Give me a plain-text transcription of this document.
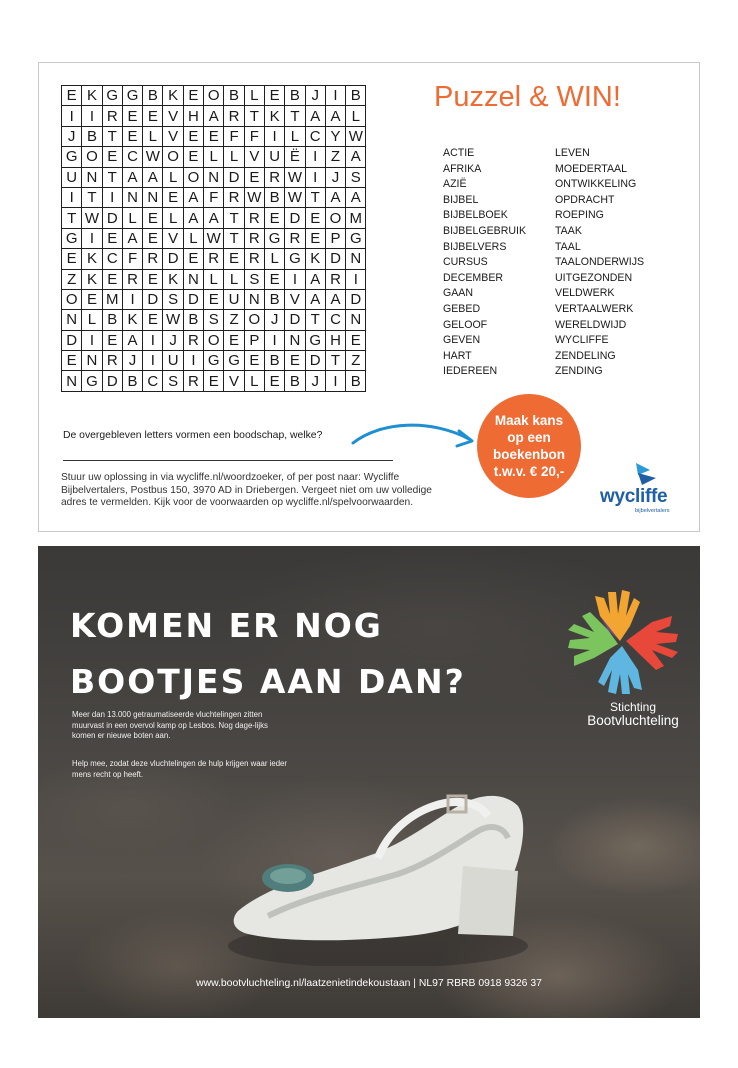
E	K	G	G	B	K	E	O	B	L	E	B	J	I	B
I	I	R	E	E	V	H	A	R	T	K	T	A	A	L
J	B	T	E	L	V	E	E	F	F	I	L	C	Y	W
G	O	E	C	W	O	E	L	L	V	U	Ë	I	Z	A
U	N	T	A	A	L	O	N	D	E	R	W	I	J	S
I	T	I	N	N	E	A	F	R	W	B	W	T	A	A
T	W	D	L	E	L	A	A	T	R	E	D	E	O	M
G	I	E	A	E	V	L	W	T	R	G	R	E	P	G
E	K	C	F	R	D	E	R	E	R	L	G	K	D	N
Z	K	E	R	E	K	N	L	L	S	E	I	A	R	I
O	E	M	I	D	S	D	E	U	N	B	V	A	A	D
N	L	B	K	E	W	B	S	Z	O	J	D	T	C	N
D	I	E	A	I	J	R	O	E	P	I	N	G	H	E
E	N	R	J	I	U	I	G	G	E	B	E	D	T	Z
N	G	D	B	C	S	R	E	V	L	E	B	J	I	B
Puzzel & WIN!
ACTIE
AFRIKA
AZIË
BIJBEL
BIJBELBOEK
BIJBELGEBRUIK
BIJBELVERS
CURSUS
DECEMBER
GAAN
GEBED
GELOOF
GEVEN
HART
IEDEREEN
LEVEN
MOEDERTAAL
ONTWIKKELING
OPDRACHT
ROEPING
TAAK
TAAL
TAALONDERWIJS
UITGEZONDEN
VELDWERK
VERTAALWERK
WERELDWIJD
WYCLIFFE
ZENDELING
ZENDING
De overgebleven letters vormen een boodschap, welke?
Stuur uw oplossing in via wycliffe.nl/woordzoeker, of per post naar: Wycliffe Bijbelvertalers, Postbus 150, 3970 AD in Driebergen. Vergeet niet om uw volledige adres te vermelden. Kijk voor de voorwaarden op wycliffe.nl/spelvoorwaarden.
Maak kans
op een
boekenbon
t.w.v. € 20,-
wycliffe
bijbelvertalers
KOMEN ER NOG
BOOTJES AAN DAN?
Meer dan 13.000 getraumatiseerde vluchtelingen zitten muurvast in een overvol kamp op Lesbos. Nog dage-lijks komen er nieuwe boten aan.
Help mee, zodat deze vluchtelingen de hulp krijgen waar ieder mens recht op heeft.
Stichting
Bootvluchteling
www.bootvluchteling.nl/laatzenietindekoustaan | NL97 RBRB 0918 9326 37
